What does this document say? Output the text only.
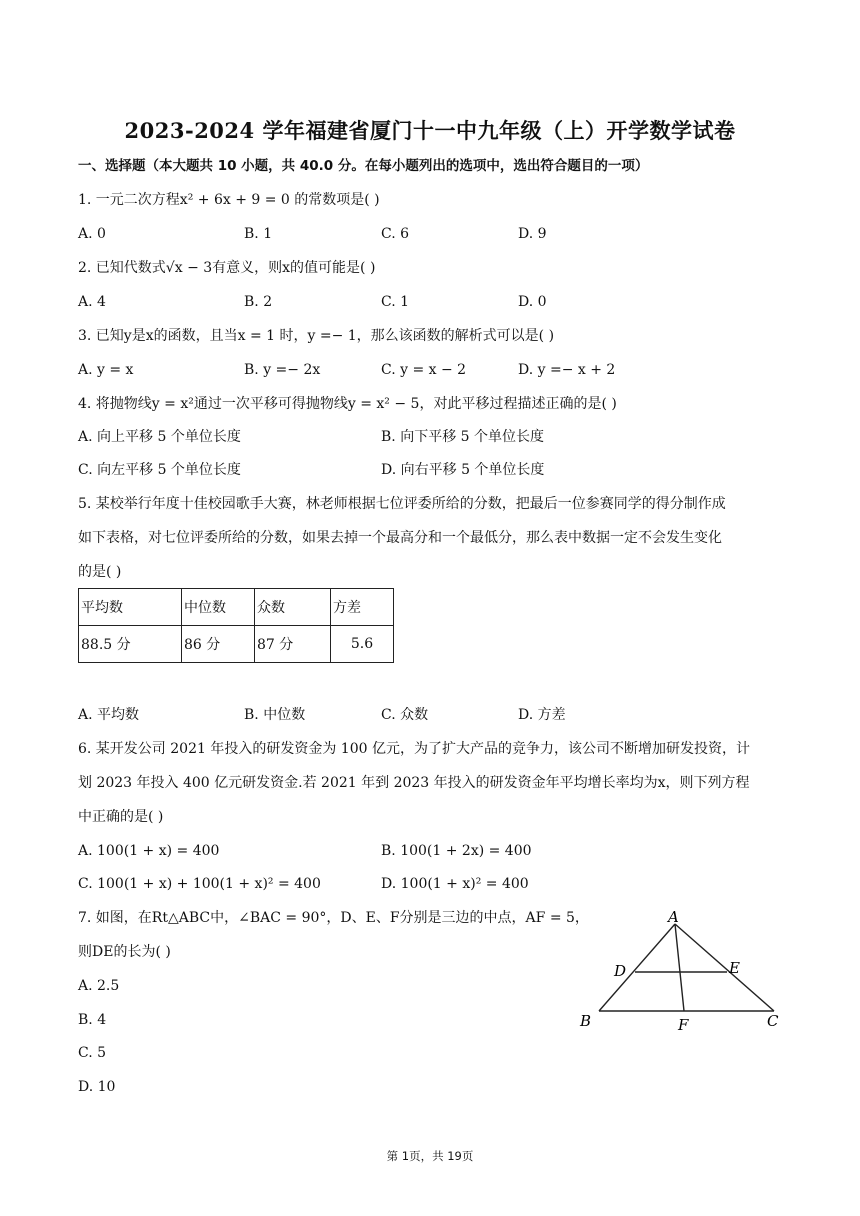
2023-2024 学年福建省厦门十一中九年级（上）开学数学试卷
一、选择题（本大题共 10 小题，共 40.0 分。在每小题列出的选项中，选出符合题目的一项）
1. 一元二次方程x² + 6x + 9 = 0 的常数项是( )
A. 0	B. 1	C. 6	D. 9
2. 已知代数式√x − 3有意义，则x的值可能是( )
A. 4	B. 2	C. 1	D. 0
3. 已知y是x的函数，且当x = 1 时，y =− 1，那么该函数的解析式可以是( )
A. y = x	B. y =− 2x	C. y = x − 2	D. y =− x + 2
4. 将抛物线y = x²通过一次平移可得抛物线y = x² − 5，对此平移过程描述正确的是( )
A. 向上平移 5 个单位长度	B. 向下平移 5 个单位长度
C. 向左平移 5 个单位长度	D. 向右平移 5 个单位长度
5. 某校举行年度十佳校园歌手大赛，林老师根据七位评委所给的分数，把最后一位参赛同学的得分制作成
如下表格，对七位评委所给的分数，如果去掉一个最高分和一个最低分，那么表中数据一定不会发生变化
的是( )
平均数	中位数	众数	方差
88.5 分	86 分	87 分	5.6
A. 平均数	B. 中位数	C. 众数	D. 方差
6. 某开发公司 2021 年投入的研发资金为 100 亿元，为了扩大产品的竞争力，该公司不断增加研发投资，计
划 2023 年投入 400 亿元研发资金.若 2021 年到 2023 年投入的研发资金年平均增长率均为x，则下列方程
中正确的是( )
A. 100(1 + x) = 400	B. 100(1 + 2x) = 400
C. 100(1 + x) + 100(1 + x)² = 400	D. 100(1 + x)² = 400
7. 如图，在Rt△ABC中，∠BAC = 90°，D、E、F分别是三边的中点，AF = 5，
则DE的长为( )
A. 2.5
B. 4
C. 5
D. 10
A
B	C
D	E
F
第 1页，共 19页
